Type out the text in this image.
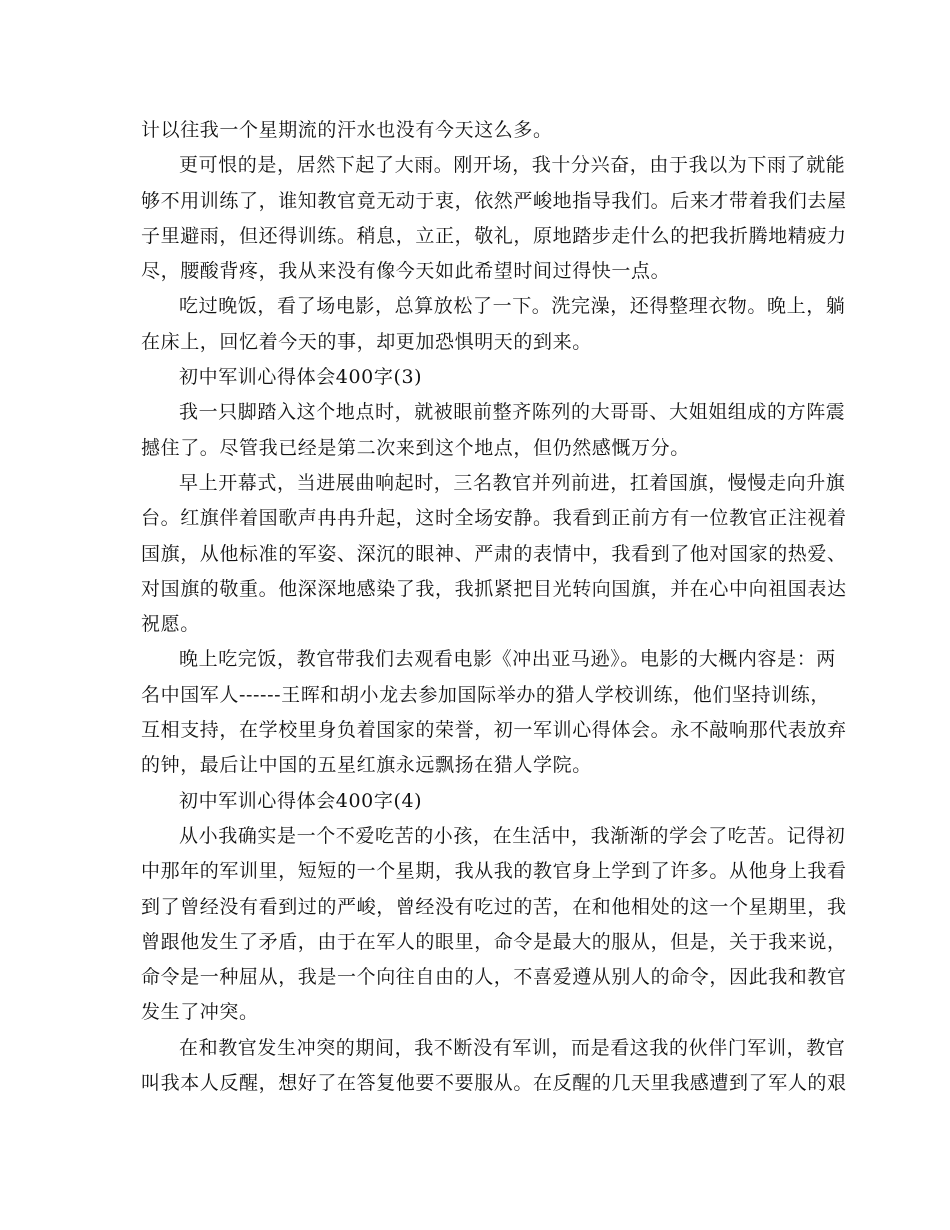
计以往我一个星期流的汗水也没有今天这么多。
更可恨的是，居然下起了大雨。刚开场，我十分兴奋，由于我以为下雨了就能
够不用训练了，谁知教官竟无动于衷，依然严峻地指导我们。后来才带着我们去屋
子里避雨，但还得训练。稍息，立正，敬礼，原地踏步走什么的把我折腾地精疲力
尽，腰酸背疼，我从来没有像今天如此希望时间过得快一点。
吃过晚饭，看了场电影，总算放松了一下。洗完澡，还得整理衣物。晚上，躺
在床上，回忆着今天的事，却更加恐惧明天的到来。
初中军训心得体会400字(3)
我一只脚踏入这个地点时，就被眼前整齐陈列的大哥哥、大姐姐组成的方阵震
撼住了。尽管我已经是第二次来到这个地点，但仍然感慨万分。
早上开幕式，当进展曲响起时，三名教官并列前进，扛着国旗，慢慢走向升旗
台。红旗伴着国歌声冉冉升起，这时全场安静。我看到正前方有一位教官正注视着
国旗，从他标准的军姿、深沉的眼神、严肃的表情中，我看到了他对国家的热爱、
对国旗的敬重。他深深地感染了我，我抓紧把目光转向国旗，并在心中向祖国表达
祝愿。
晚上吃完饭，教官带我们去观看电影《冲出亚马逊》。电影的大概内容是：两
名中国军人------王晖和胡小龙去参加国际举办的猎人学校训练，他们坚持训练，
互相支持，在学校里身负着国家的荣誉，初一军训心得体会。永不敲响那代表放弃
的钟，最后让中国的五星红旗永远飘扬在猎人学院。
初中军训心得体会400字(4)
从小我确实是一个不爱吃苦的小孩，在生活中，我渐渐的学会了吃苦。记得初
中那年的军训里，短短的一个星期，我从我的教官身上学到了许多。从他身上我看
到了曾经没有看到过的严峻，曾经没有吃过的苦，在和他相处的这一个星期里，我
曾跟他发生了矛盾，由于在军人的眼里，命令是最大的服从，但是，关于我来说，
命令是一种屈从，我是一个向往自由的人，不喜爱遵从别人的命令，因此我和教官
发生了冲突。
在和教官发生冲突的期间，我不断没有军训，而是看这我的伙伴门军训，教官
叫我本人反醒，想好了在答复他要不要服从。在反醒的几天里我感遭到了军人的艰
